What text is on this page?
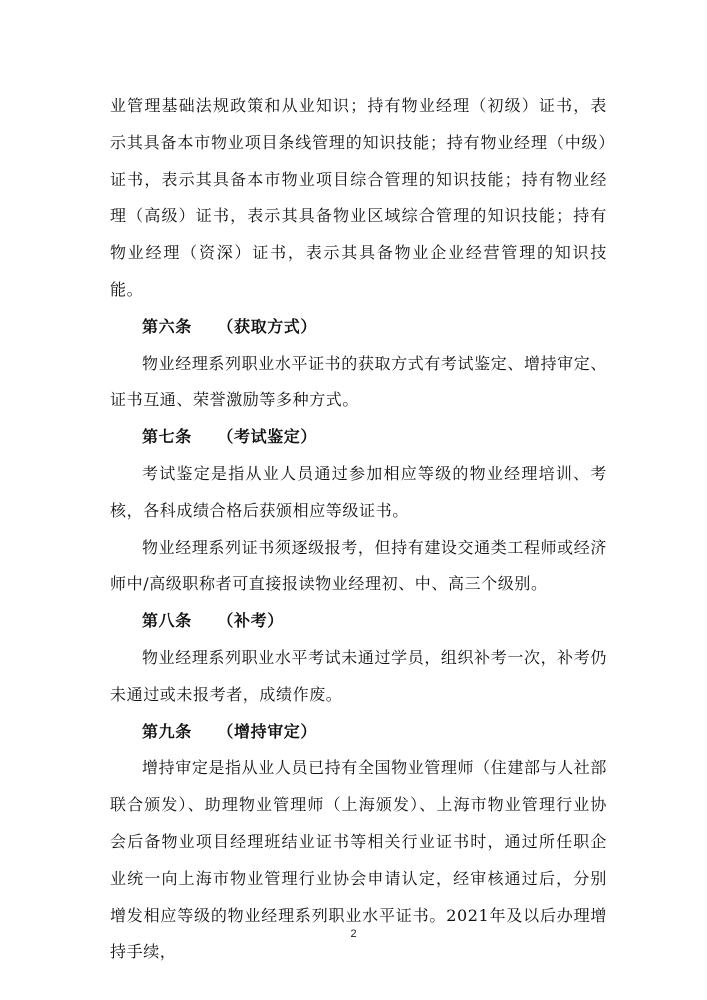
业管理基础法规政策和从业知识；持有物业经理（初级）证书，表示其具备本市物业项目条线管理的知识技能；持有物业经理（中级）证书，表示其具备本市物业项目综合管理的知识技能；持有物业经理（高级）证书，表示其具备物业区域综合管理的知识技能；持有物业经理（资深）证书，表示其具备物业企业经营管理的知识技能。

第六条 （获取方式）

物业经理系列职业水平证书的获取方式有考试鉴定、增持审定、证书互通、荣誉激励等多种方式。

第七条 （考试鉴定）

考试鉴定是指从业人员通过参加相应等级的物业经理培训、考核，各科成绩合格后获颁相应等级证书。

物业经理系列证书须逐级报考，但持有建设交通类工程师或经济师中/高级职称者可直接报读物业经理初、中、高三个级别。

第八条 （补考）

物业经理系列职业水平考试未通过学员，组织补考一次，补考仍未通过或未报考者，成绩作废。

第九条 （增持审定）

增持审定是指从业人员已持有全国物业管理师（住建部与人社部联合颁发）、助理物业管理师（上海颁发）、上海市物业管理行业协会后备物业项目经理班结业证书等相关行业证书时，通过所任职企业统一向上海市物业管理行业协会申请认定，经审核通过后，分别增发相应等级的物业经理系列职业水平证书。2021年及以后办理增持手续，

2
